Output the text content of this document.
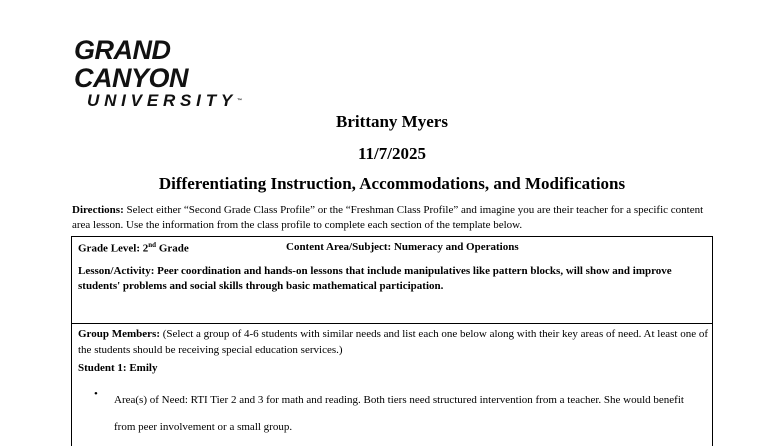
GRAND CANYON
UNIVERSITY™
Brittany Myers
11/7/2025
Differentiating Instruction, Accommodations, and Modifications
Directions: Select either “Second Grade Class Profile” or the “Freshman Class Profile” and imagine you are their teacher for a specific content area lesson. Use the information from the class profile to complete each section of the template below.
Grade Level: 2nd Grade	Content Area/Subject: Numeracy and Operations
Lesson/Activity: Peer coordination and hands-on lessons that include manipulatives like pattern blocks, will show and improve students' problems and social skills through basic mathematical participation.
Group Members: (Select a group of 4-6 students with similar needs and list each one below along with their key areas of need. At least one of the students should be receiving special education services.)
Student 1: Emily
• Area(s) of Need: RTI Tier 2 and 3 for math and reading. Both tiers need structured intervention from a teacher. She would benefit from peer involvement or a small group.
